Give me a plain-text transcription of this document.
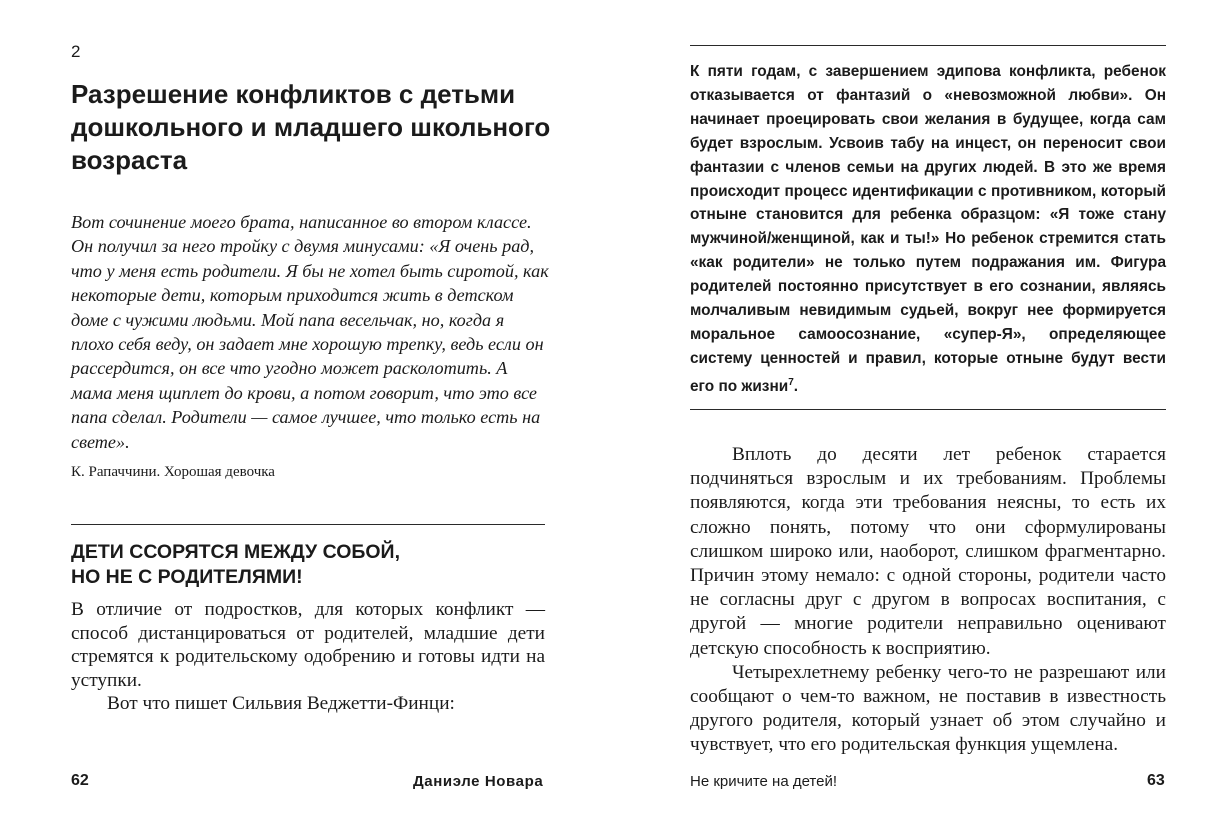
2
Разрешение конфликтов с детьми дошкольного и младшего школьного возраста

Вот сочинение моего брата, написанное во втором классе. Он получил за него тройку с двумя минусами: «Я очень рад, что у меня есть родители. Я бы не хотел быть сиротой, как некоторые дети, которым приходится жить в детском доме с чужими людьми. Мой папа весельчак, но, когда я плохо себя веду, он задает мне хорошую трепку, ведь если он рассердится, он все что угодно может расколотить. А мама меня щиплет до крови, а потом говорит, что это все папа сделал. Родители — самое лучшее, что только есть на свете».

К. Рапаччини. Хорошая девочка
ДЕТИ ССОРЯТСЯ МЕЖДУ СОБОЙ,
НО НЕ С РОДИТЕЛЯМИ!
В отличие от подростков, для которых конфликт — способ дистанцироваться от родителей, младшие дети стремятся к родительскому одобрению и готовы идти на уступки.
Вот что пишет Сильвия Веджетти-Финци:
62	Даниэле Новара

К пяти годам, с завершением эдипова конфликта, ребенок отказывается от фантазий о «невозможной любви». Он начинает проецировать свои желания в будущее, когда сам будет взрослым. Усвоив табу на инцест, он переносит свои фантазии с членов семьи на других людей. В это же время происходит процесс идентификации с противником, который отныне становится для ребенка образцом: «Я тоже стану мужчиной/женщиной, как и ты!» Но ребенок стремится стать «как родители» не только путем подражания им. Фигура родителей постоянно присутствует в его сознании, являясь молчаливым невидимым судьей, вокруг нее формируется моральное самоосознание, «супер-Я», определяющее систему ценностей и правил, которые отныне будут вести его по жизни$^7$.

Вплоть до десяти лет ребенок старается подчиняться взрослым и их требованиям. Проблемы появляются, когда эти требования неясны, то есть их сложно понять, потому что они сформулированы слишком широко или, наоборот, слишком фрагментарно. Причин этому немало: с одной стороны, родители часто не согласны друг с другом в вопросах воспитания, с другой — многие родители неправильно оценивают детскую способность к восприятию.

Четырехлетнему ребенку чего-то не разрешают или сообщают о чем-то важном, не поставив в известность другого родителя, который узнает об этом случайно и чувствует, что его родительская функция ущемлена.

Не кричите на детей!	63
